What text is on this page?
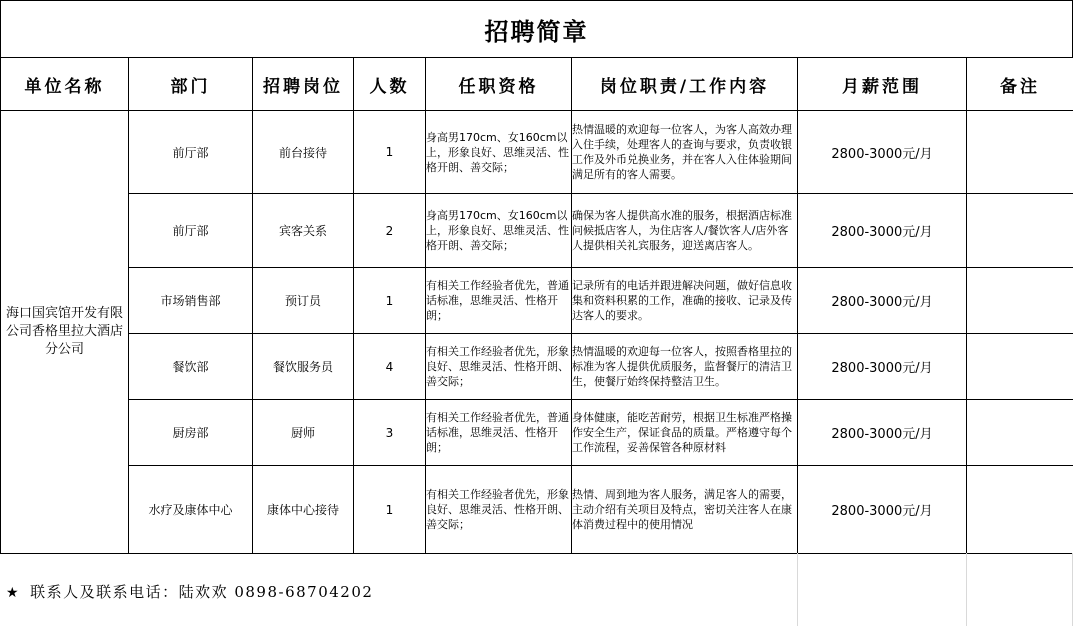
招聘简章
单位名称	部门	招聘岗位	人数	任职资格	岗位职责/工作内容	月薪范围	备注
海口国宾馆开发有限公司香格里拉大酒店分公司	前厅部	前台接待	1	身高男170cm、女160cm以上，形象良好、思维灵活、性格开朗、善交际；	热情温暖的欢迎每一位客人，为客人高效办理入住手续，处理客人的查询与要求，负责收银工作及外币兑换业务，并在客人入住体验期间满足所有的客人需要。	2800-3000元/月	
	前厅部	宾客关系	2	身高男170cm、女160cm以上，形象良好、思维灵活、性格开朗、善交际；	确保为客人提供高水准的服务，根据酒店标准问候抵店客人，为住店客人/餐饮客人/店外客人提供相关礼宾服务，迎送离店客人。	2800-3000元/月	
	市场销售部	预订员	1	有相关工作经验者优先，普通话标准，思维灵活、性格开朗；	记录所有的电话并跟进解决问题，做好信息收集和资料积累的工作，准确的接收、记录及传达客人的要求。	2800-3000元/月	
	餐饮部	餐饮服务员	4	有相关工作经验者优先，形象良好、思维灵活、性格开朗、善交际；	热情温暖的欢迎每一位客人，按照香格里拉的标准为客人提供优质服务，监督餐厅的清洁卫生，使餐厅始终保持整洁卫生。	2800-3000元/月	
	厨房部	厨师	3	有相关工作经验者优先，普通话标准，思维灵活、性格开朗；	身体健康，能吃苦耐劳，根据卫生标准严格操作安全生产，保证食品的质量。严格遵守每个工作流程，妥善保管各种原材料	2800-3000元/月	
	水疗及康体中心	康体中心接待	1	有相关工作经验者优先，形象良好、思维灵活、性格开朗、善交际；	热情、周到地为客人服务，满足客人的需要，主动介绍有关项目及特点，密切关注客人在康体消费过程中的使用情况	2800-3000元/月	
★ 联系人及联系电话：陆欢欢 0898-68704202
